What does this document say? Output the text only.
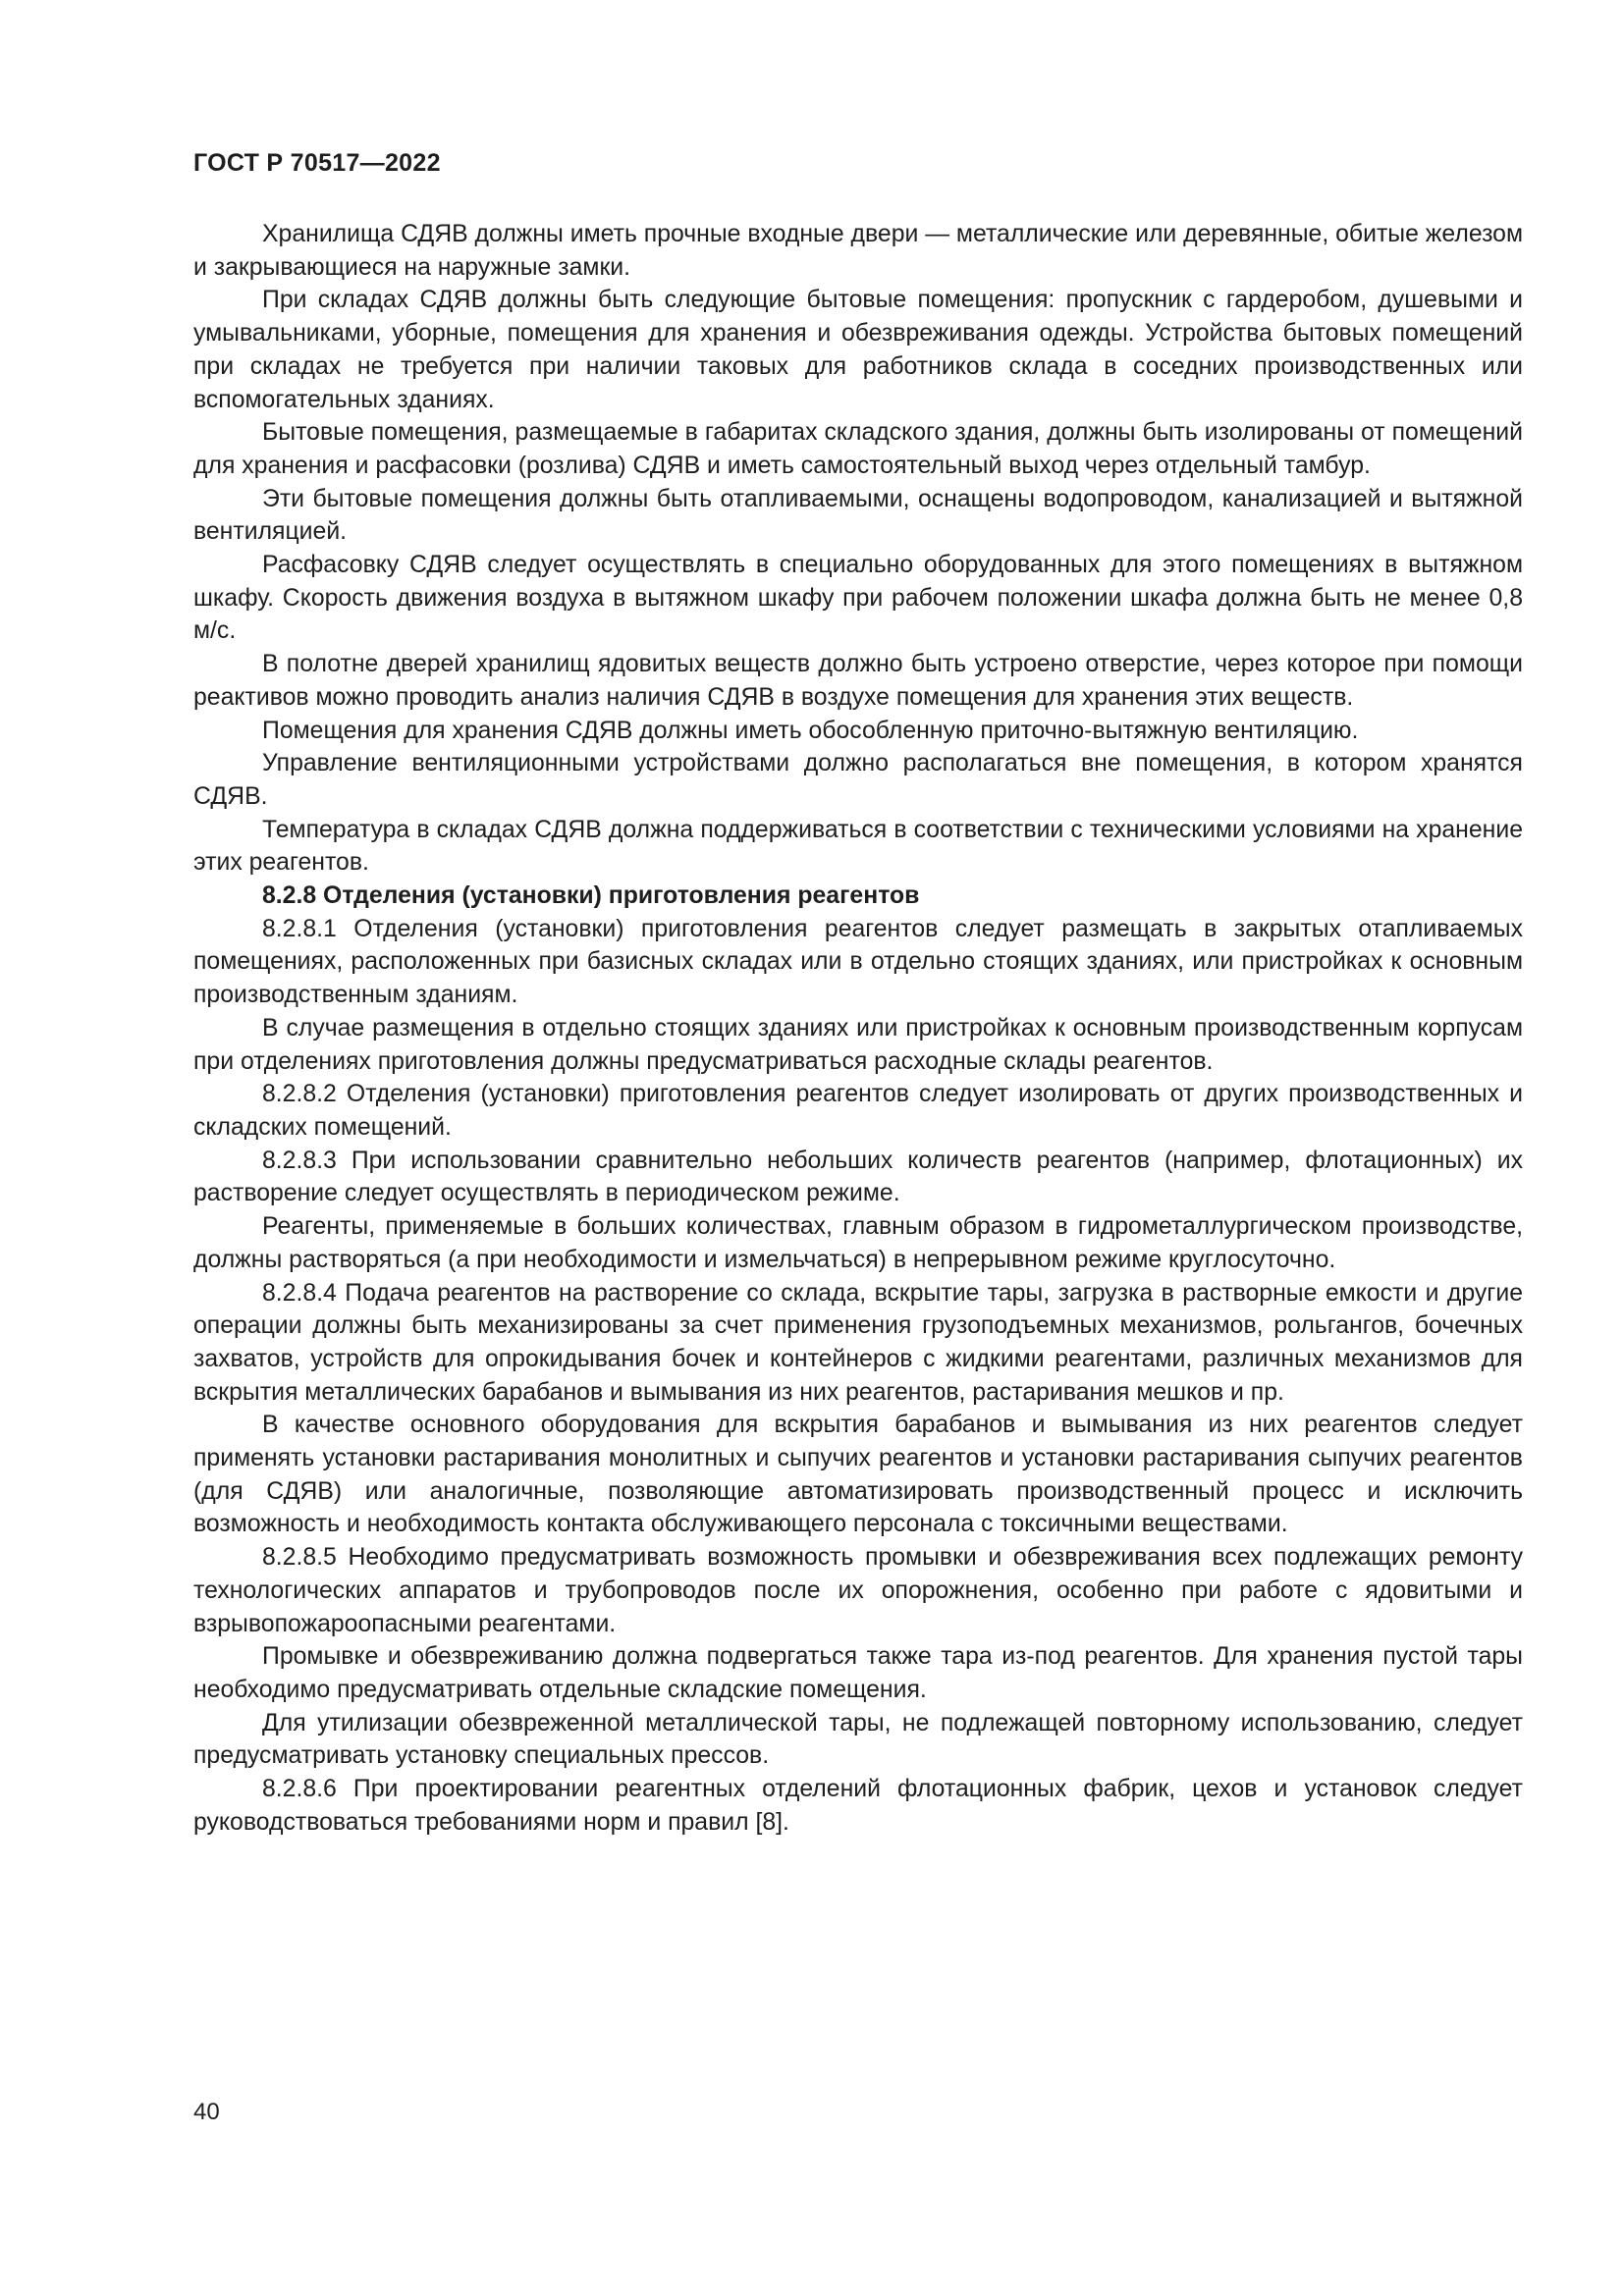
ГОСТ Р 70517—2022

Хранилища СДЯВ должны иметь прочные входные двери — металлические или деревянные, обитые железом и закрывающиеся на наружные замки.

При складах СДЯВ должны быть следующие бытовые помещения: пропускник с гардеробом, душевыми и умывальниками, уборные, помещения для хранения и обезвреживания одежды. Устройства бытовых помещений при складах не требуется при наличии таковых для работников склада в соседних производственных или вспомогательных зданиях.

Бытовые помещения, размещаемые в габаритах складского здания, должны быть изолированы от помещений для хранения и расфасовки (розлива) СДЯВ и иметь самостоятельный выход через отдельный тамбур.

Эти бытовые помещения должны быть отапливаемыми, оснащены водопроводом, канализацией и вытяжной вентиляцией.

Расфасовку СДЯВ следует осуществлять в специально оборудованных для этого помещениях в вытяжном шкафу. Скорость движения воздуха в вытяжном шкафу при рабочем положении шкафа должна быть не менее 0,8 м/с.

В полотне дверей хранилищ ядовитых веществ должно быть устроено отверстие, через которое при помощи реактивов можно проводить анализ наличия СДЯВ в воздухе помещения для хранения этих веществ.

Помещения для хранения СДЯВ должны иметь обособленную приточно-вытяжную вентиляцию.

Управление вентиляционными устройствами должно располагаться вне помещения, в котором хранятся СДЯВ.

Температура в складах СДЯВ должна поддерживаться в соответствии с техническими условиями на хранение этих реагентов.

8.2.8 Отделения (установки) приготовления реагентов

8.2.8.1 Отделения (установки) приготовления реагентов следует размещать в закрытых отапливаемых помещениях, расположенных при базисных складах или в отдельно стоящих зданиях, или пристройках к основным производственным зданиям.

В случае размещения в отдельно стоящих зданиях или пристройках к основным производственным корпусам при отделениях приготовления должны предусматриваться расходные склады реагентов.

8.2.8.2 Отделения (установки) приготовления реагентов следует изолировать от других производственных и складских помещений.

8.2.8.3 При использовании сравнительно небольших количеств реагентов (например, флотационных) их растворение следует осуществлять в периодическом режиме.

Реагенты, применяемые в больших количествах, главным образом в гидрометаллургическом производстве, должны растворяться (а при необходимости и измельчаться) в непрерывном режиме круглосуточно.

8.2.8.4 Подача реагентов на растворение со склада, вскрытие тары, загрузка в растворные емкости и другие операции должны быть механизированы за счет применения грузоподъемных механизмов, рольгангов, бочечных захватов, устройств для опрокидывания бочек и контейнеров с жидкими реагентами, различных механизмов для вскрытия металлических барабанов и вымывания из них реагентов, растаривания мешков и пр.

В качестве основного оборудования для вскрытия барабанов и вымывания из них реагентов следует применять установки растаривания монолитных и сыпучих реагентов и установки растаривания сыпучих реагентов (для СДЯВ) или аналогичные, позволяющие автоматизировать производственный процесс и исключить возможность и необходимость контакта обслуживающего персонала с токсичными веществами.

8.2.8.5 Необходимо предусматривать возможность промывки и обезвреживания всех подлежащих ремонту технологических аппаратов и трубопроводов после их опорожнения, особенно при работе с ядовитыми и взрывопожароопасными реагентами.

Промывке и обезвреживанию должна подвергаться также тара из-под реагентов. Для хранения пустой тары необходимо предусматривать отдельные складские помещения.

Для утилизации обезвреженной металлической тары, не подлежащей повторному использованию, следует предусматривать установку специальных прессов.

8.2.8.6 При проектировании реагентных отделений флотационных фабрик, цехов и установок следует руководствоваться требованиями норм и правил [8].

40
